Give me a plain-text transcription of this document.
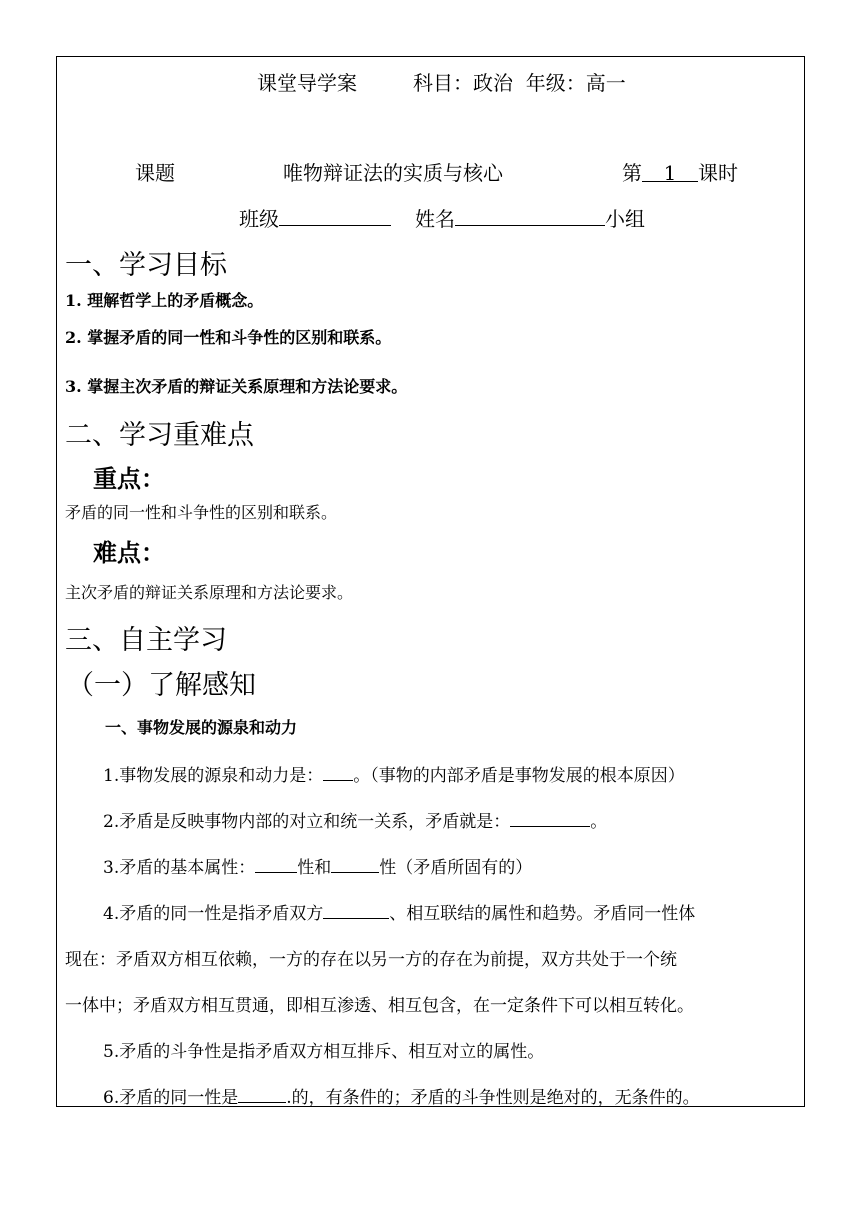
课堂导学案	科目：政治 年级：高一
课题	唯物辩证法的实质与核心	第 1 课时
班级	姓名	小组
一、学习目标
1. 理解哲学上的矛盾概念。
2. 掌握矛盾的同一性和斗争性的区别和联系。
3. 掌握主次矛盾的辩证关系原理和方法论要求。
二、学习重难点
重点：
矛盾的同一性和斗争性的区别和联系。
难点：
主次矛盾的辩证关系原理和方法论要求。
三、自主学习
（一）了解感知
一、事物发展的源泉和动力
1.事物发展的源泉和动力是： 。（事物的内部矛盾是事物发展的根本原因）
2.矛盾是反映事物内部的对立和统一关系，矛盾就是：	。
3.矛盾的基本属性： 性和	性（矛盾所固有的）
4.矛盾的同一性是指矛盾双方	、相互联结的属性和趋势。矛盾同一性体
现在：矛盾双方相互依赖，一方的存在以另一方的存在为前提，双方共处于一个统
一体中；矛盾双方相互贯通，即相互渗透、相互包含，在一定条件下可以相互转化。
5.矛盾的斗争性是指矛盾双方相互排斥、相互对立的属性。
6.矛盾的同一性是	.的，有条件的；矛盾的斗争性则是绝对的，无条件的。
